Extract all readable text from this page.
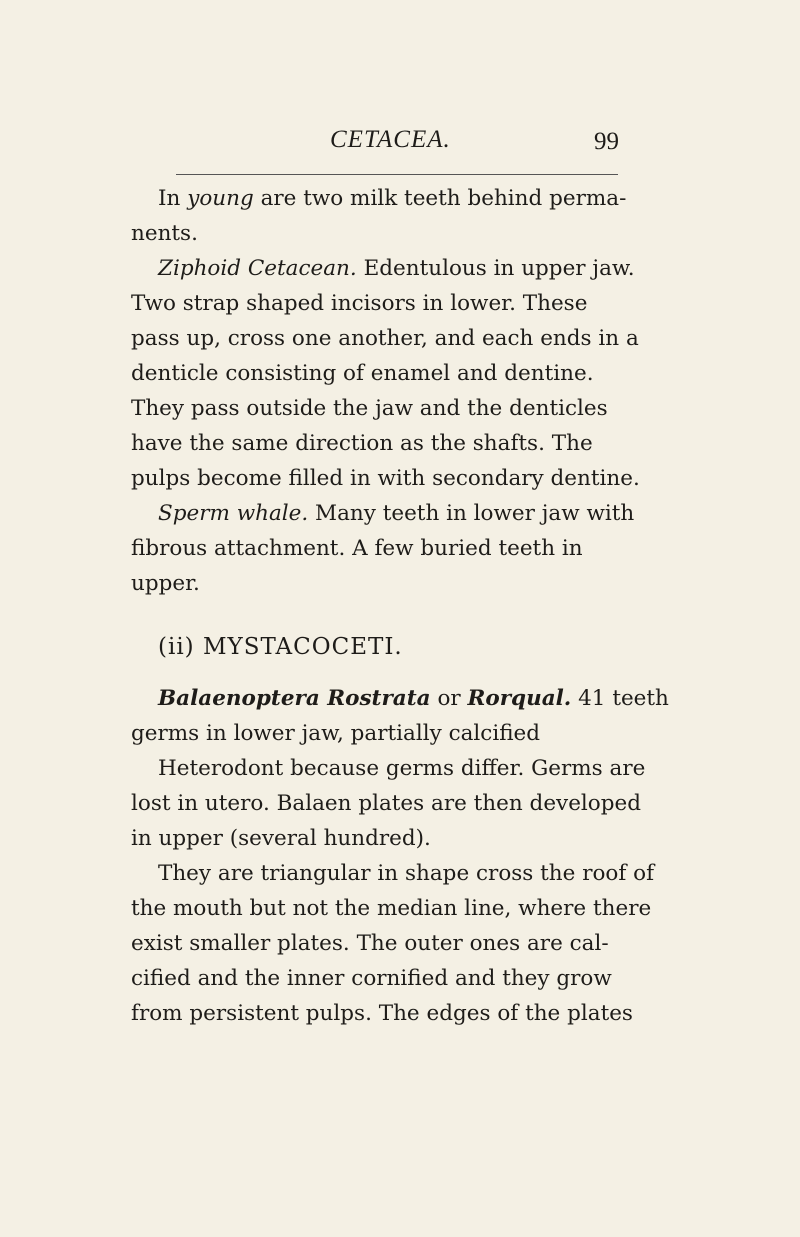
CETACEA.	99
In young are two milk teeth behind perma-
nents.
Ziphoid Cetacean. Edentulous in upper jaw.
Two strap shaped incisors in lower. These
pass up, cross one another, and each ends in a
denticle consisting of enamel and dentine.
They pass outside the jaw and the denticles
have the same direction as the shafts. The
pulps become filled in with secondary dentine.
Sperm whale. Many teeth in lower jaw with
fibrous attachment. A few buried teeth in
upper.
(ii) MYSTACOCETI.
Balaenoptera Rostrata or Rorqual. 41 teeth
germs in lower jaw, partially calcified
Heterodont because germs differ. Germs are
lost in utero. Balaen plates are then developed
in upper (several hundred).
They are triangular in shape cross the roof of
the mouth but not the median line, where there
exist smaller plates. The outer ones are cal-
cified and the inner cornified and they grow
from persistent pulps. The edges of the plates
